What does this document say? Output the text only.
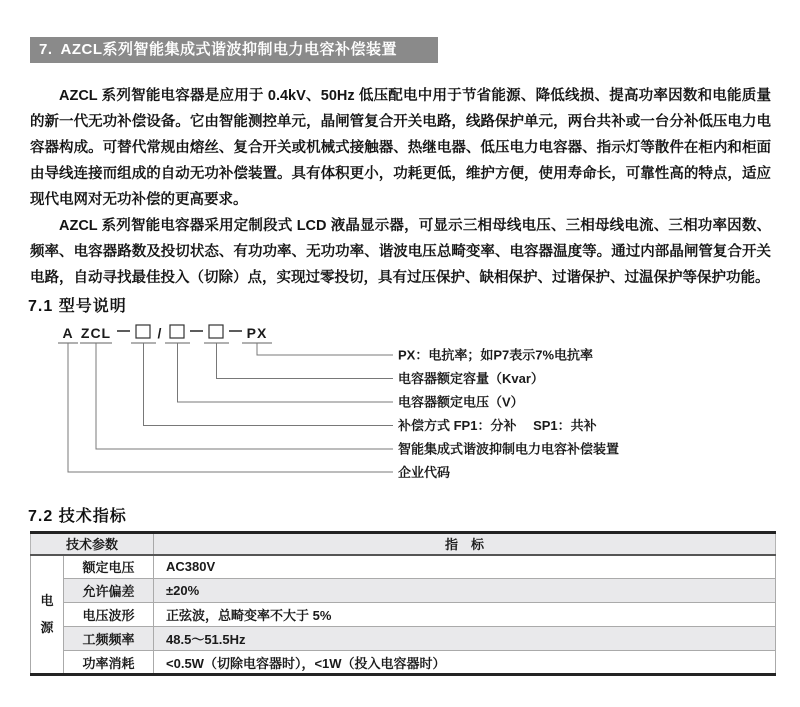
7. AZCL系列智能集成式谐波抑制电力电容补偿装置

AZCL 系列智能电容器是应用于 0.4kV、50Hz 低压配电中用于节省能源、降低线损、提高功率因数和电能质量的新一代无功补偿设备。它由智能测控单元，晶闸管复合开关电路，线路保护单元，两台共补或一台分补低压电力电容器构成。可替代常规由熔丝、复合开关或机械式接触器、热继电器、低压电力电容器、指示灯等散件在柜内和柜面由导线连接而组成的自动无功补偿装置。具有体积更小，功耗更低，维护方便，使用寿命长，可靠性高的特点，适应现代电网对无功补偿的更高要求。

AZCL 系列智能电容器采用定制段式 LCD 液晶显示器，可显示三相母线电压、三相母线电流、三相功率因数、频率、电容器路数及投切状态、有功功率、无功功率、谐波电压总畸变率、电容器温度等。通过内部晶闸管复合开关电路，自动寻找最佳投入（切除）点，实现过零投切，具有过压保护、缺相保护、过谐保护、过温保护等保护功能。

7.1 型号说明
A ZCL	/	PX
PX：电抗率；如P7表示7%电抗率
电容器额定容量（Kvar）
电容器额定电压（V）
补偿方式 FP1：分补　 SP1：共补
智能集成式谐波抑制电力电容补偿装置
企业代码
7.2 技术指标
技术参数		指　标

电源	额定电压	AC380V
	允许偏差	±20%
	电压波形	正弦波，总畸变率不大于 5%
	工频频率	48.5～51.5Hz
	功率消耗	<0.5W（切除电容器时），<1W（投入电容器时）
